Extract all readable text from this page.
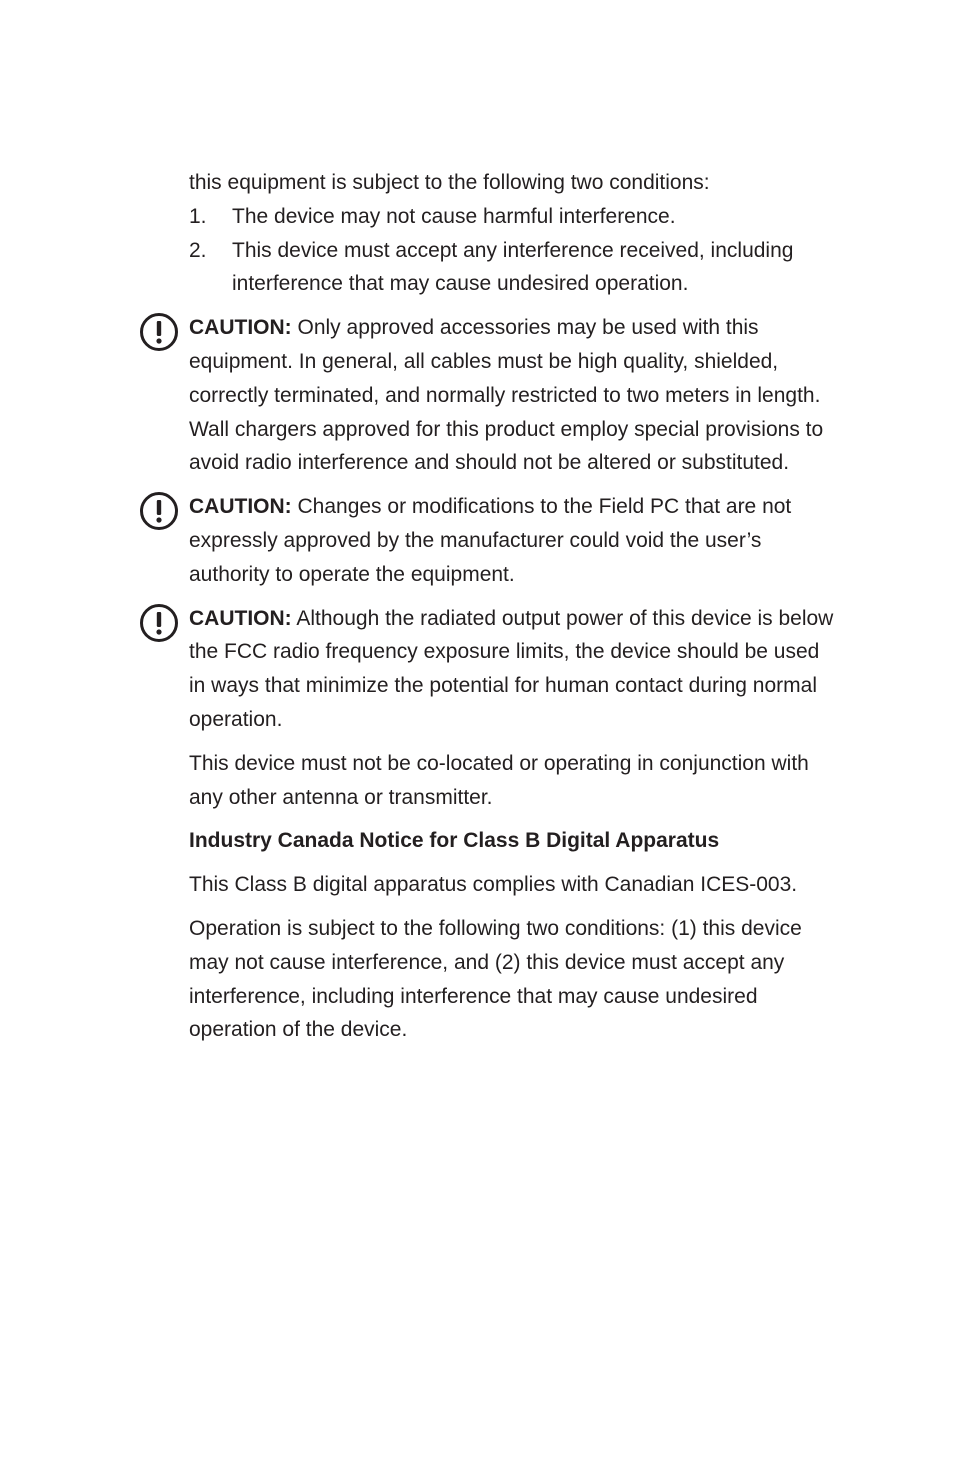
this equipment is subject to the following two conditions:

1.	The device may not cause harmful interference.
2.	This device must accept any interference received, including interference that may cause undesired operation.

CAUTION: Only approved accessories may be used with this equipment. In general, all cables must be high quality, shielded, correctly terminated, and normally restricted to two meters in length. Wall chargers approved for this product employ special provisions to avoid radio interference and should not be altered or substituted.

CAUTION: Changes or modifications to the Field PC that are not expressly approved by the manufacturer could void the user’s authority to operate the equipment.

CAUTION: Although the radiated output power of this device is below the FCC radio frequency exposure limits, the device should be used in ways that minimize the potential for human contact during normal operation.

This device must not be co-located or operating in conjunction with any other antenna or transmitter.

Industry Canada Notice for Class B Digital Apparatus

This Class B digital apparatus complies with Canadian ICES-003.

Operation is subject to the following two conditions: (1) this device may not cause interference, and (2) this device must accept any interference, including interference that may cause undesired operation of the device.
